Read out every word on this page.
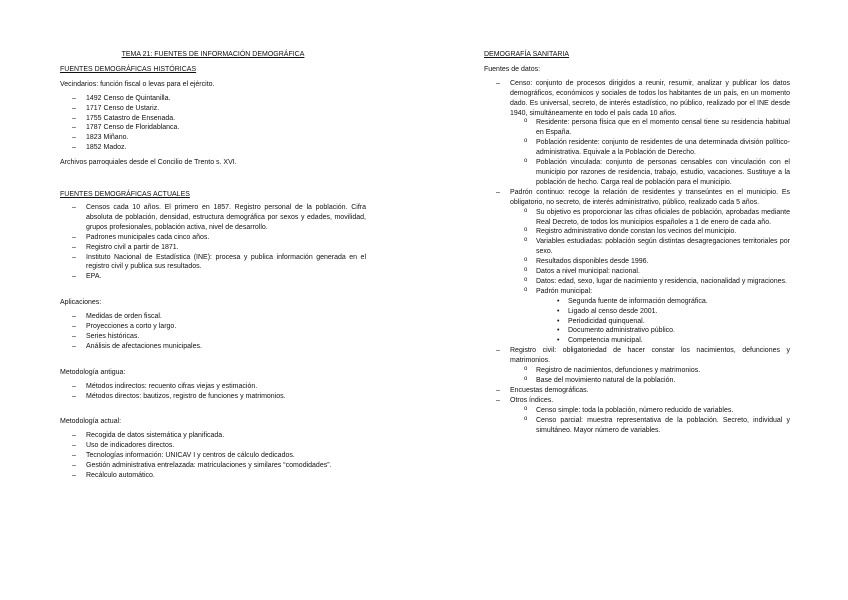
TEMA 21: FUENTES DE INFORMACIÓN DEMOGRÁFICA

FUENTES DEMOGRÁFICAS HISTÓRICAS

Vecindarios: función fiscal o levas para el ejército.

– 1492 Censo de Quintanilla.
– 1717 Censo de Ustariz.
– 1755 Catastro de Ensenada.
– 1787 Censo de Floridablanca.
– 1823 Miñano.
– 1852 Madoz.

Archivos parroquiales desde el Concilio de Trento s. XVI.

FUENTES DEMOGRÁFICAS ACTUALES

– Censos cada 10 años. El primero en 1857. Registro personal de la población. Cifra absoluta de población, densidad, estructura demográfica por sexos y edades, movilidad, grupos profesionales, población activa, nivel de desarrollo.
– Padrones municipales cada cinco años.
– Registro civil a partir de 1871.
– Instituto Nacional de Estadística (INE): procesa y publica información generada en el registro civil y publica sus resultados.
– EPA.

Aplicaciones:

– Medidas de orden fiscal.
– Proyecciones a corto y largo.
– Series históricas.
– Análisis de afectaciones municipales.

Metodología antigua:

– Métodos indirectos: recuento cifras viejas y estimación.
– Métodos directos: bautizos, registro de funciones y matrimonios.

Metodología actual:

– Recogida de datos sistemática y planificada.
– Uso de indicadores directos.
– Tecnologías información: UNICAV I y centros de cálculo dedicados.
– Gestión administrativa entrelazada: matriculaciones y similares “comodidades”.
– Recálculo automático.

DEMOGRAFÍA SANITARIA

Fuentes de datos:

– Censo: conjunto de procesos dirigidos a reunir, resumir, analizar y publicar los datos demográficos, económicos y sociales de todos los habitantes de un país, en un momento dado. Es universal, secreto, de interés estadístico, no público, realizado por el INE desde 1940, simultáneamente en todo el país cada 10 años.
o Residente: persona física que en el momento censal tiene su residencia habitual en España.
o Población residente: conjunto de residentes de una determinada división político-administrativa. Equivale a la Población de Derecho.
o Población vinculada: conjunto de personas censables con vinculación con el municipio por razones de residencia, trabajo, estudio, vacaciones. Sustituye a la población de hecho. Carga real de población para el municipio.
– Padrón continuo: recoge la relación de residentes y transeúntes en el municipio. Es obligatorio, no secreto, de interés administrativo, público, realizado cada 5 años.
o Su objetivo es proporcionar las cifras oficiales de población, aprobadas mediante Real Decreto, de todos los municipios españoles a 1 de enero de cada año.
o Registro administrativo donde constan los vecinos del municipio.
o Variables estudiadas: población según distintas desagregaciones territoriales por sexo.
o Resultados disponibles desde 1996.
o Datos a nivel municipal: nacional.
o Datos: edad, sexo, lugar de nacimiento y residencia, nacionalidad y migraciones.
o Padrón municipal:
• Segunda fuente de información demográfica.
• Ligado al censo desde 2001.
• Periodicidad quinquenal.
• Documento administrativo público.
• Competencia municipal.
– Registro civil: obligatoriedad de hacer constar los nacimientos, defunciones y matrimonios.
o Registro de nacimientos, defunciones y matrimonios.
o Base del movimiento natural de la población.
– Encuestas demográficas.
– Otros índices.
o Censo simple: toda la población, número reducido de variables.
o Censo parcial: muestra representativa de la población. Secreto, individual y simultáneo. Mayor número de variables.
